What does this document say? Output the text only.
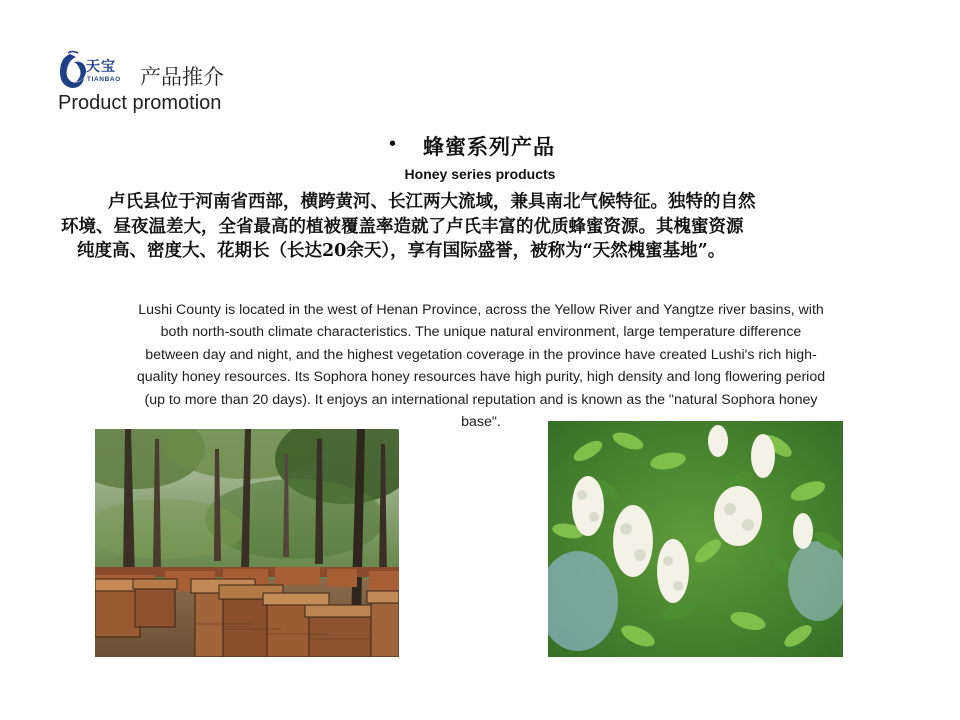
天宝
TIANBAO 产品推介
Product promotion
• 蜂蜜系列产品
Honey series products
卢氏县位于河南省西部，横跨黄河、长江两大流域，兼具南北气候特征。独特的自然
环境、昼夜温差大，全省最高的植被覆盖率造就了卢氏丰富的优质蜂蜜资源。其槐蜜资源
纯度高、密度大、花期长（长达20余天），享有国际盛誉，被称为“天然槐蜜基地”。
Lushi County is located in the west of Henan Province, across the Yellow River and Yangtze river basins, with
both north-south climate characteristics. The unique natural environment, large temperature difference
between day and night, and the highest vegetation coverage in the province have created Lushi's rich high-
quality honey resources. Its Sophora honey resources have high purity, high density and long flowering period
(up to more than 20 days). It enjoys an international reputation and is known as the "natural Sophora honey
base".
